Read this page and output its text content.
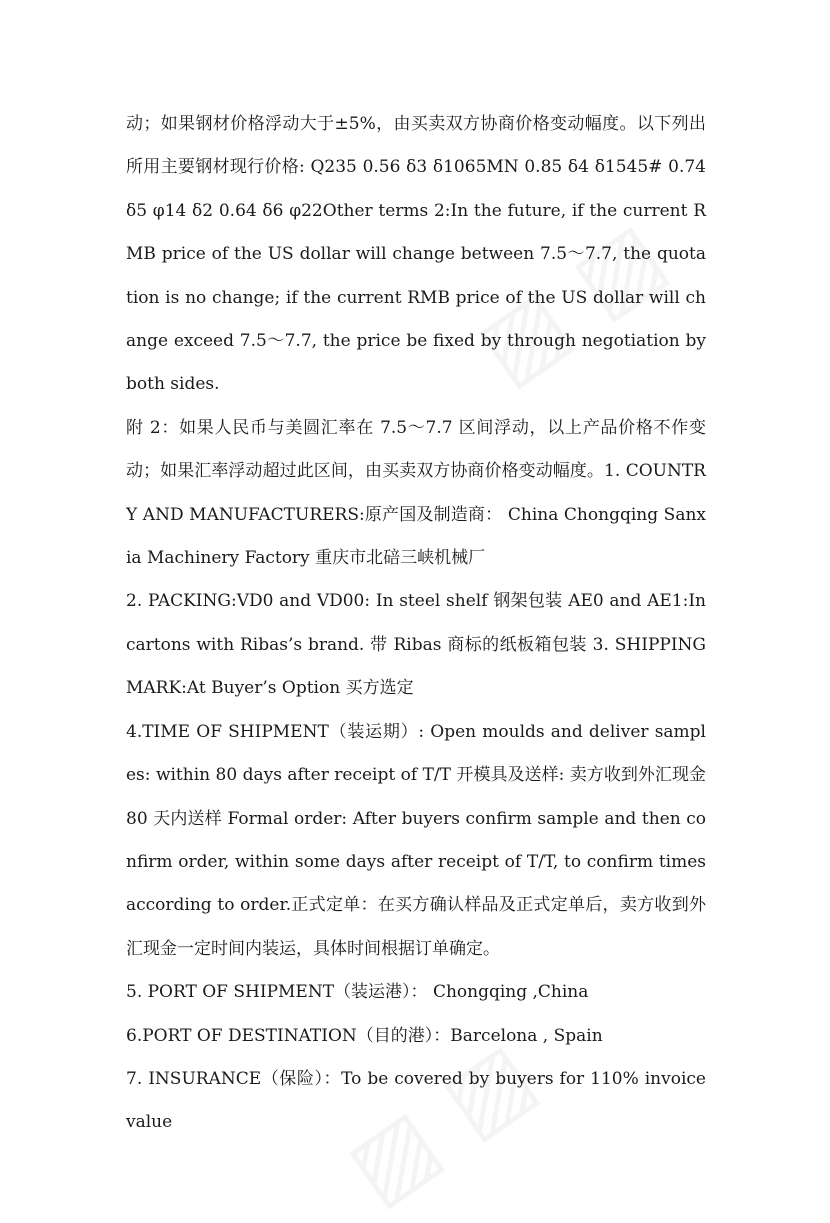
动；如果钢材价格浮动大于±5%，由买卖双方协商价格变动幅度。以下列出所用主要钢材现行价格: Q235 0.56 δ3 δ1065MN 0.85 δ4 δ1545# 0.74 δ5 φ14 δ2 0.64 δ6 φ22Other terms 2:In the future, if the current RMB price of the US dollar will change between 7.5～7.7, the quotation is no change; if the current RMB price of the US dollar will change exceed 7.5～7.7, the price be fixed by through negotiation by both sides.

附 2：如果人民币与美圆汇率在 7.5～7.7 区间浮动，以上产品价格不作变动；如果汇率浮动超过此区间，由买卖双方协商价格变动幅度。1. COUNTRY AND MANUFACTURERS:原产国及制造商： China Chongqing Sanxia Machinery Factory 重庆市北碚三峡机械厂

2. PACKING:VD0 and VD00: In steel shelf 钢架包装 AE0 and AE1:In cartons with Ribas’s brand. 带 Ribas 商标的纸板箱包装 3. SHIPPING MARK:At Buyer’s Option 买方选定

4.TIME OF SHIPMENT（装运期）: Open moulds and deliver samples: within 80 days after receipt of T/T 开模具及送样: 卖方收到外汇现金 80 天内送样 Formal order: After buyers confirm sample and then confirm order, within some days after receipt of T/T, to confirm times according to order.正式定单：在买方确认样品及正式定单后，卖方收到外汇现金一定时间内装运，具体时间根据订单确定。

5. PORT OF SHIPMENT（装运港）： Chongqing ,China

6.PORT OF DESTINATION（目的港）：Barcelona , Spain

7. INSURANCE（保险）：To be covered by buyers for 110% invoice value
